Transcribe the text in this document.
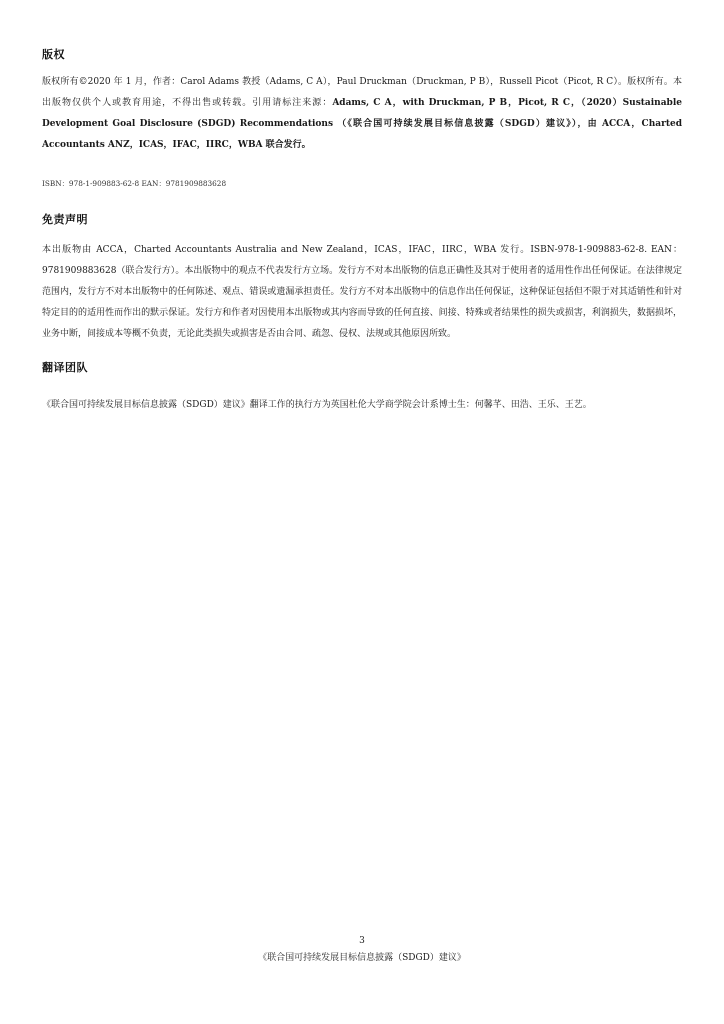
版权

版权所有©2020 年 1 月，作者：Carol Adams 教授（Adams, C A），Paul Druckman（Druckman, P B），Russell Picot（Picot, R C）。版权所有。本出版物仅供个人或教育用途，不得出售或转载。引用请标注来源：Adams, C A，with Druckman, P B，Picot, R C，（2020）Sustainable Development Goal Disclosure (SDGD) Recommendations （《联合国可持续发展目标信息披露（SDGD）建议》），由 ACCA，Charted Accountants ANZ，ICAS，IFAC，IIRC，WBA 联合发行。

ISBN：978-1-909883-62-8 EAN：9781909883628

免责声明

本出版物由 ACCA，Charted Accountants Australia and New Zealand，ICAS，IFAC，IIRC，WBA 发行。ISBN-978-1-909883-62-8. EAN：9781909883628（联合发行方）。本出版物中的观点不代表发行方立场。发行方不对本出版物的信息正确性及其对于使用者的适用性作出任何保证。在法律规定范围内，发行方不对本出版物中的任何陈述、观点、错误或遗漏承担责任。发行方不对本出版物中的信息作出任何保证，这种保证包括但不限于对其适销性和针对特定目的的适用性而作出的默示保证。发行方和作者对因使用本出版物或其内容而导致的任何直接、间接、特殊或者结果性的损失或损害，利润损失，数据损坏，业务中断，间接成本等概不负责，无论此类损失或损害是否由合同、疏忽、侵权、法规或其他原因所致。

翻译团队

《联合国可持续发展目标信息披露（SDGD）建议》翻译工作的执行方为英国杜伦大学商学院会计系博士生：何馨芊、田浩、王乐、王艺。

3
《联合国可持续发展目标信息披露（SDGD）建议》
